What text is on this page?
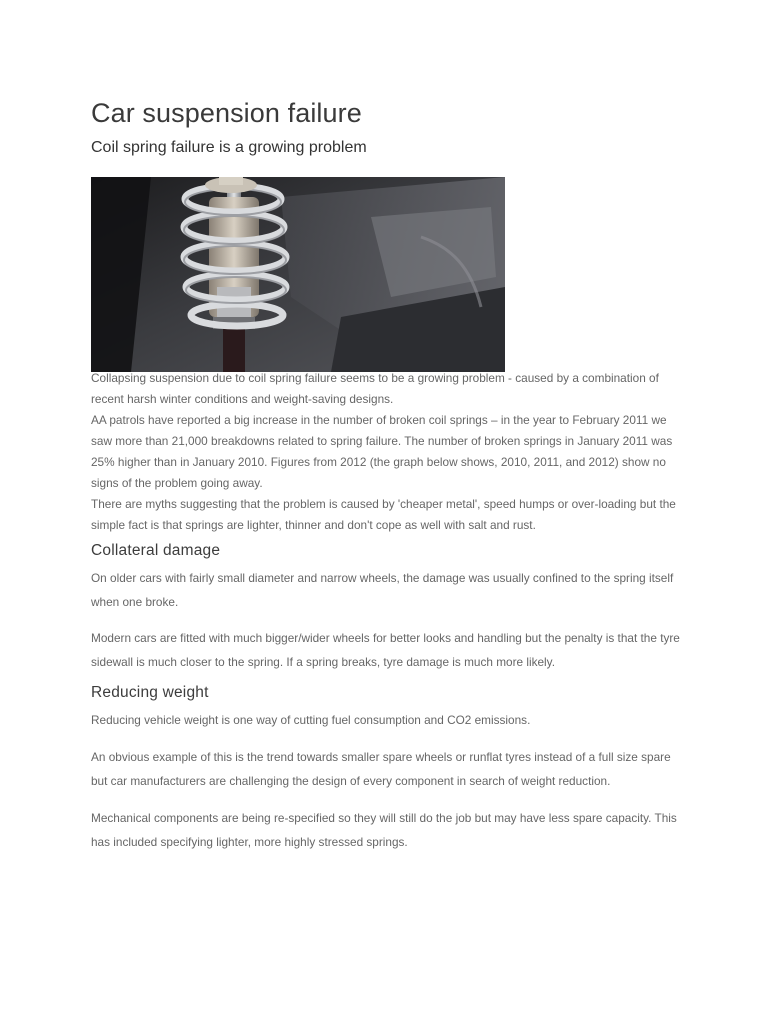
Car suspension failure
Coil spring failure is a growing problem
Collapsing suspension due to coil spring failure seems to be a growing problem - caused by a combination of recent harsh winter conditions and weight-saving designs.
AA patrols have reported a big increase in the number of broken coil springs – in the year to February 2011 we saw more than 21,000 breakdowns related to spring failure. The number of broken springs in January 2011 was 25% higher than in January 2010. Figures from 2012 (the graph below shows, 2010, 2011, and 2012) show no signs of the problem going away.
There are myths suggesting that the problem is caused by 'cheaper metal', speed humps or over-loading but the simple fact is that springs are lighter, thinner and don't cope as well with salt and rust.
Collateral damage

On older cars with fairly small diameter and narrow wheels, the damage was usually confined to the spring itself when one broke.

Modern cars are fitted with much bigger/wider wheels for better looks and handling but the penalty is that the tyre sidewall is much closer to the spring. If a spring breaks, tyre damage is much more likely.

Reducing weight

Reducing vehicle weight is one way of cutting fuel consumption and CO2 emissions.

An obvious example of this is the trend towards smaller spare wheels or runflat tyres instead of a full size spare but car manufacturers are challenging the design of every component in search of weight reduction.

Mechanical components are being re-specified so they will still do the job but may have less spare capacity. This has included specifying lighter, more highly stressed springs.
